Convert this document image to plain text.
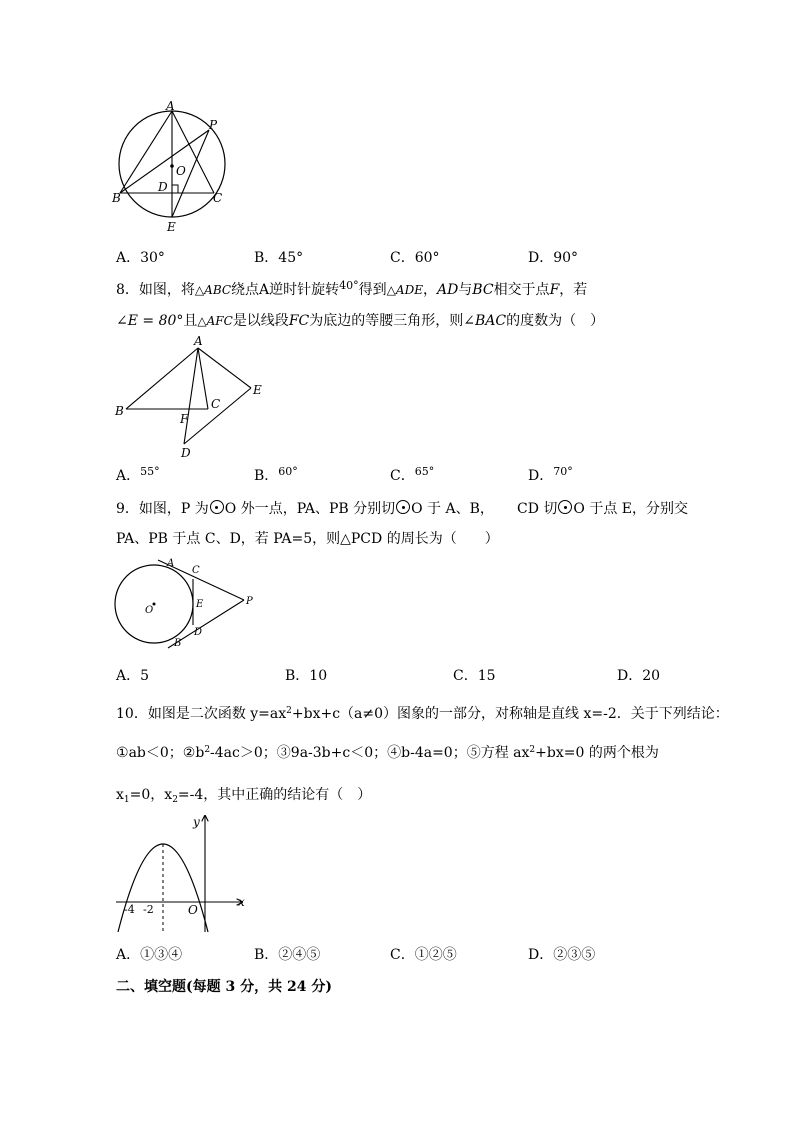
A
P
O
B
D
C
E
A．30°	B．45°	C．60°	D．90°
8．如图，将△ABC绕点A逆时针旋转$^{40^\circ}$得到△ADE，AD与BC相交于点F，若
∠E = 80°且△AFC是以线段FC为底边的等腰三角形，则∠BAC的度数为（　）
A
B	C
E
F
D
A．$^{55^\circ}$	B．$^{60^\circ}$	C．$^{65^\circ}$	D．$^{70^\circ}$
9．如图，P 为 O 外一点，PA、PB 分别切 O 于 A、B， CD 切 O 于点 E，分别交
PA、PB 于点 C、D，若 PA=5，则△PCD 的周长为（　　）
A
C
O
E	P
D
B
A．5	B．10	C．15	D．20
10．如图是二次函数 $y=ax^2+bx+c(a\ne 0)$图象的一部分，对称轴是直线 x=-2．关于下列结论：
①ab＜0；$②b^2-4ac>0$；③9a-3b+c＜0；④b-4a=0；⑤方程 $ax^2+bx=0$ 的两个根为
$x_1=0$，$x_2=-4$，其中正确的结论有（　）
y
x
-4 -2	O
A．①③④	B．②④⑤	C．①②⑤	D．②③⑤
二、填空题(每题 3 分，共 24 分)
